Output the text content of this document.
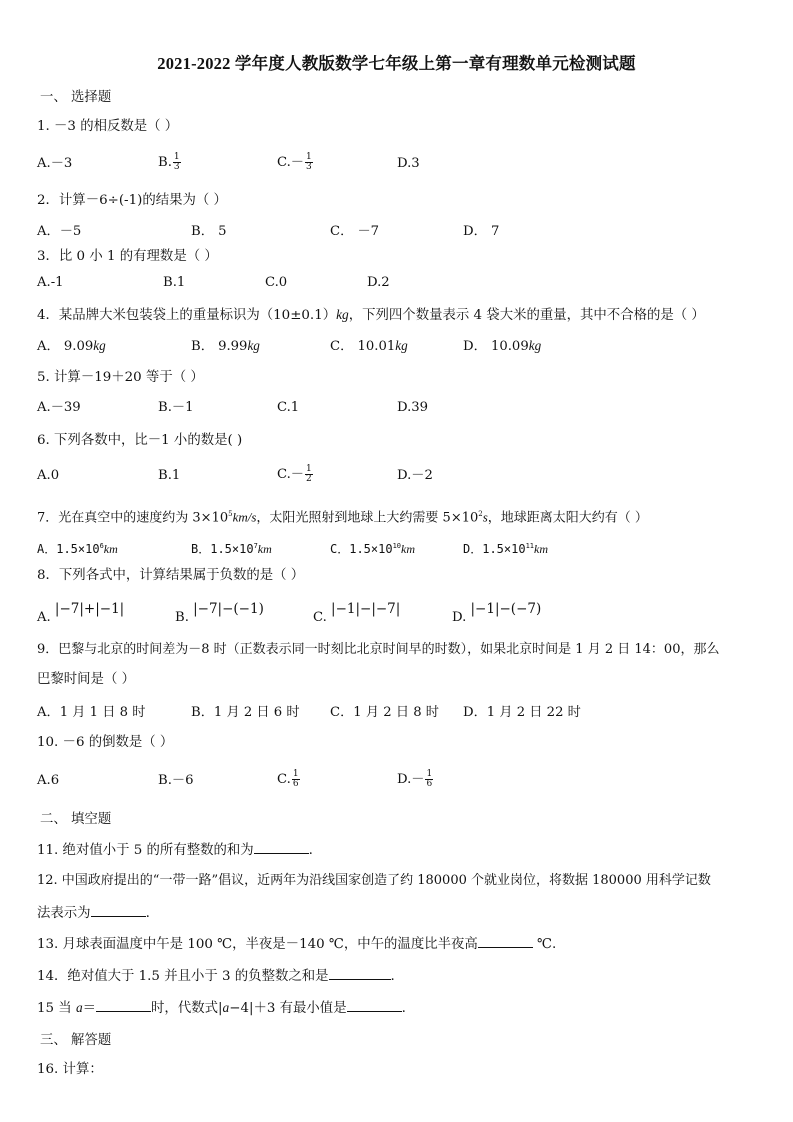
2021-2022 学年度人教版数学七年级上第一章有理数单元检测试题
一、 选择题
1. －3 的相反数是（ ）
A.－3	B. $\frac{1}{3}$	$C.- \frac{1}{3}$	D.3
2．计算－6÷(-1)的结果为（ ）
A．－5	B． 5	C． －7	D． 7
3．比 0 小 1 的有理数是（ ）
A.-1	B.1	C.0	D.2
4．某品牌大米包装袋上的重量标识为（10±0.1）kg，下列四个数量表示 4 袋大米的重量，其中不合格的是（ ）
A． 9.09kg	B． 9.99kg	C． 10.01kg	D． 10.09kg
5. 计算－19＋20 等于（ ）
A.－39	B.－1	C.1	D.39
6. 下列各数中，比－1 小的数是( )
A.0	B.1	$C.- \frac{1}{2}$	D.－2
7．光在真空中的速度约为 $3\times 10^5km/s$，太阳光照射到地球上大约需要 $5\times 10^2s$，地球距离太阳大约有（ ）
A．$1.5\times 10^6km$	B．$1.5\times 10^7km$	C．$1.5\times 10^{10}km$	D．$1.5\times 10^{11}km$
8．下列各式中，计算结果属于负数的是（ ）
A. |−7|+|−1|
B. |−7|−(−1)
C. |−1|−|−7|
D. |−1|−(−7)
9．巴黎与北京的时间差为－8 时（正数表示同一时刻比北京时间早的时数），如果北京时间是 1 月 2 日 14：00，那么
巴黎时间是（ ）
A．1 月 1 日 8 时	B．1 月 2 日 6 时 C．1 月 2 日 8 时 D．1 月 2 日 22 时
10. －6 的倒数是（ ）
A.6	B.－6	C. $\frac{1}{6}$	$D.- \frac{1}{6}$
二、 填空题
11. 绝对值小于 5 的所有整数的和为	.
12. 中国政府提出的“一带一路”倡议，近两年为沿线国家创造了约 180000 个就业岗位，将数据 180000 用科学记数
法表示为	.
13. 月球表面温度中午是 100 ℃，半夜是－140 ℃，中午的温度比半夜高	℃.
14．绝对值大于 1.5 并且小于 3 的负整数之和是	.
15 当 a＝	时，代数式|a−4|＋3 有最小值是	.
三、 解答题
16. 计算：
